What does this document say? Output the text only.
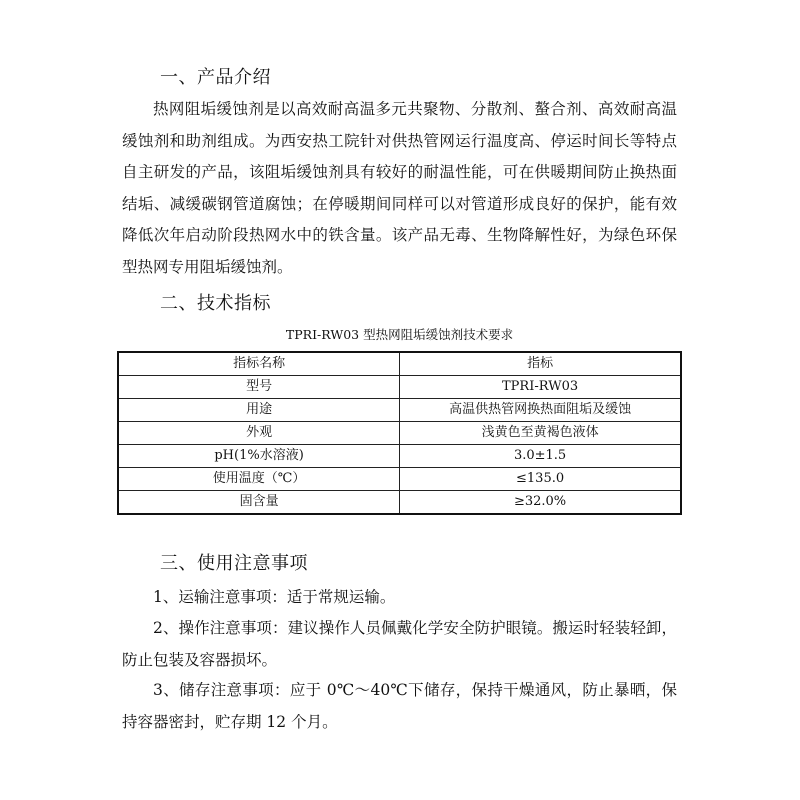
一、产品介绍

热网阻垢缓蚀剂是以高效耐高温多元共聚物、分散剂、螯合剂、高效耐高温缓蚀剂和助剂组成。为西安热工院针对供热管网运行温度高、停运时间长等特点自主研发的产品，该阻垢缓蚀剂具有较好的耐温性能，可在供暖期间防止换热面结垢、减缓碳钢管道腐蚀；在停暖期间同样可以对管道形成良好的保护，能有效降低次年启动阶段热网水中的铁含量。该产品无毒、生物降解性好，为绿色环保型热网专用阻垢缓蚀剂。

二、技术指标
TPRI-RW03 型热网阻垢缓蚀剂技术要求
指标名称	指标
型号	TPRI-RW03
用途	高温供热管网换热面阻垢及缓蚀
外观	浅黄色至黄褐色液体
pH(1%水溶液)	3.0±1.5
使用温度（℃）	≤135.0
固含量	≥32.0%
三、使用注意事项

1、运输注意事项：适于常规运输。

2、操作注意事项：建议操作人员佩戴化学安全防护眼镜。搬运时轻装轻卸，防止包装及容器损坏。

3、储存注意事项：应于 0℃～40℃下储存，保持干燥通风，防止暴晒，保持容器密封，贮存期 12 个月。
